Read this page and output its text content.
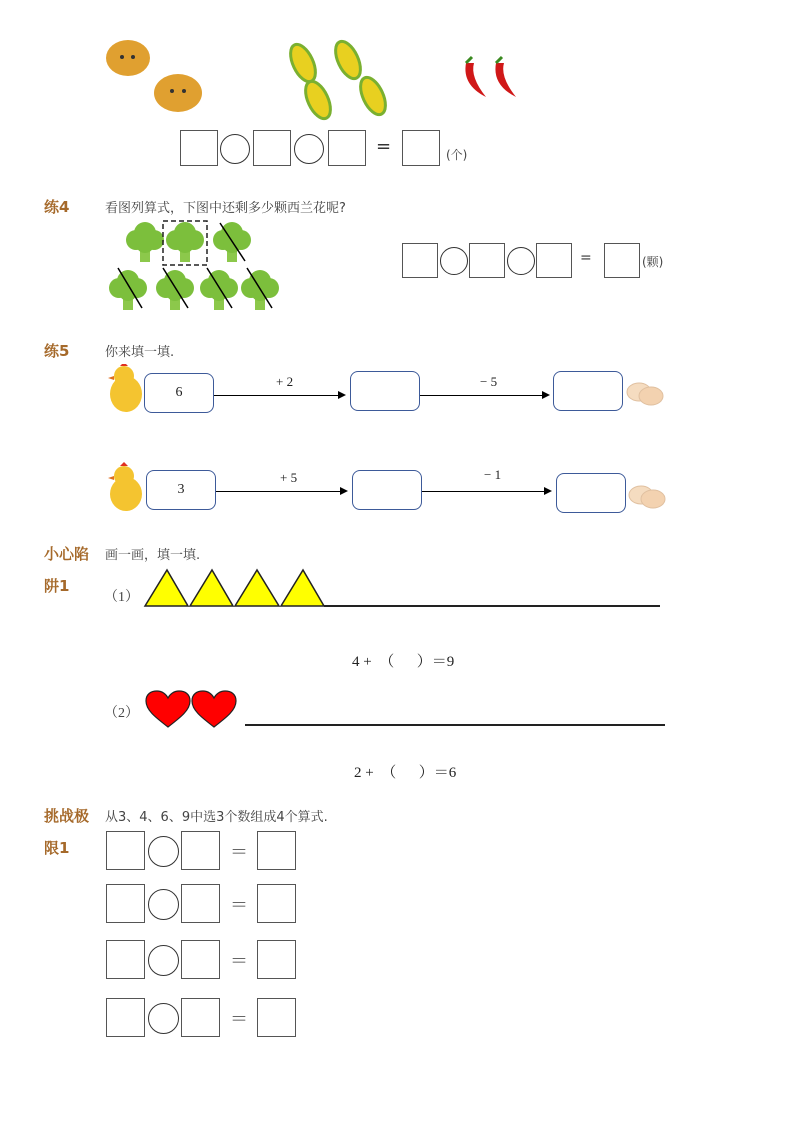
=	(个)
练4	看图列算式，下图中还剩多少颗西兰花呢?
=	(颗)
练5	你来填一填.
6
+ 2	− 5
3
+ 5	− 1
小心陷
阱1
画一画，填一填.
（1）
4 +  （      ）＝9
（2）
2 +  （      ）＝6
挑战极
限1
从3、4、6、9中选3个数组成4个算式.
＝
＝
＝
＝
